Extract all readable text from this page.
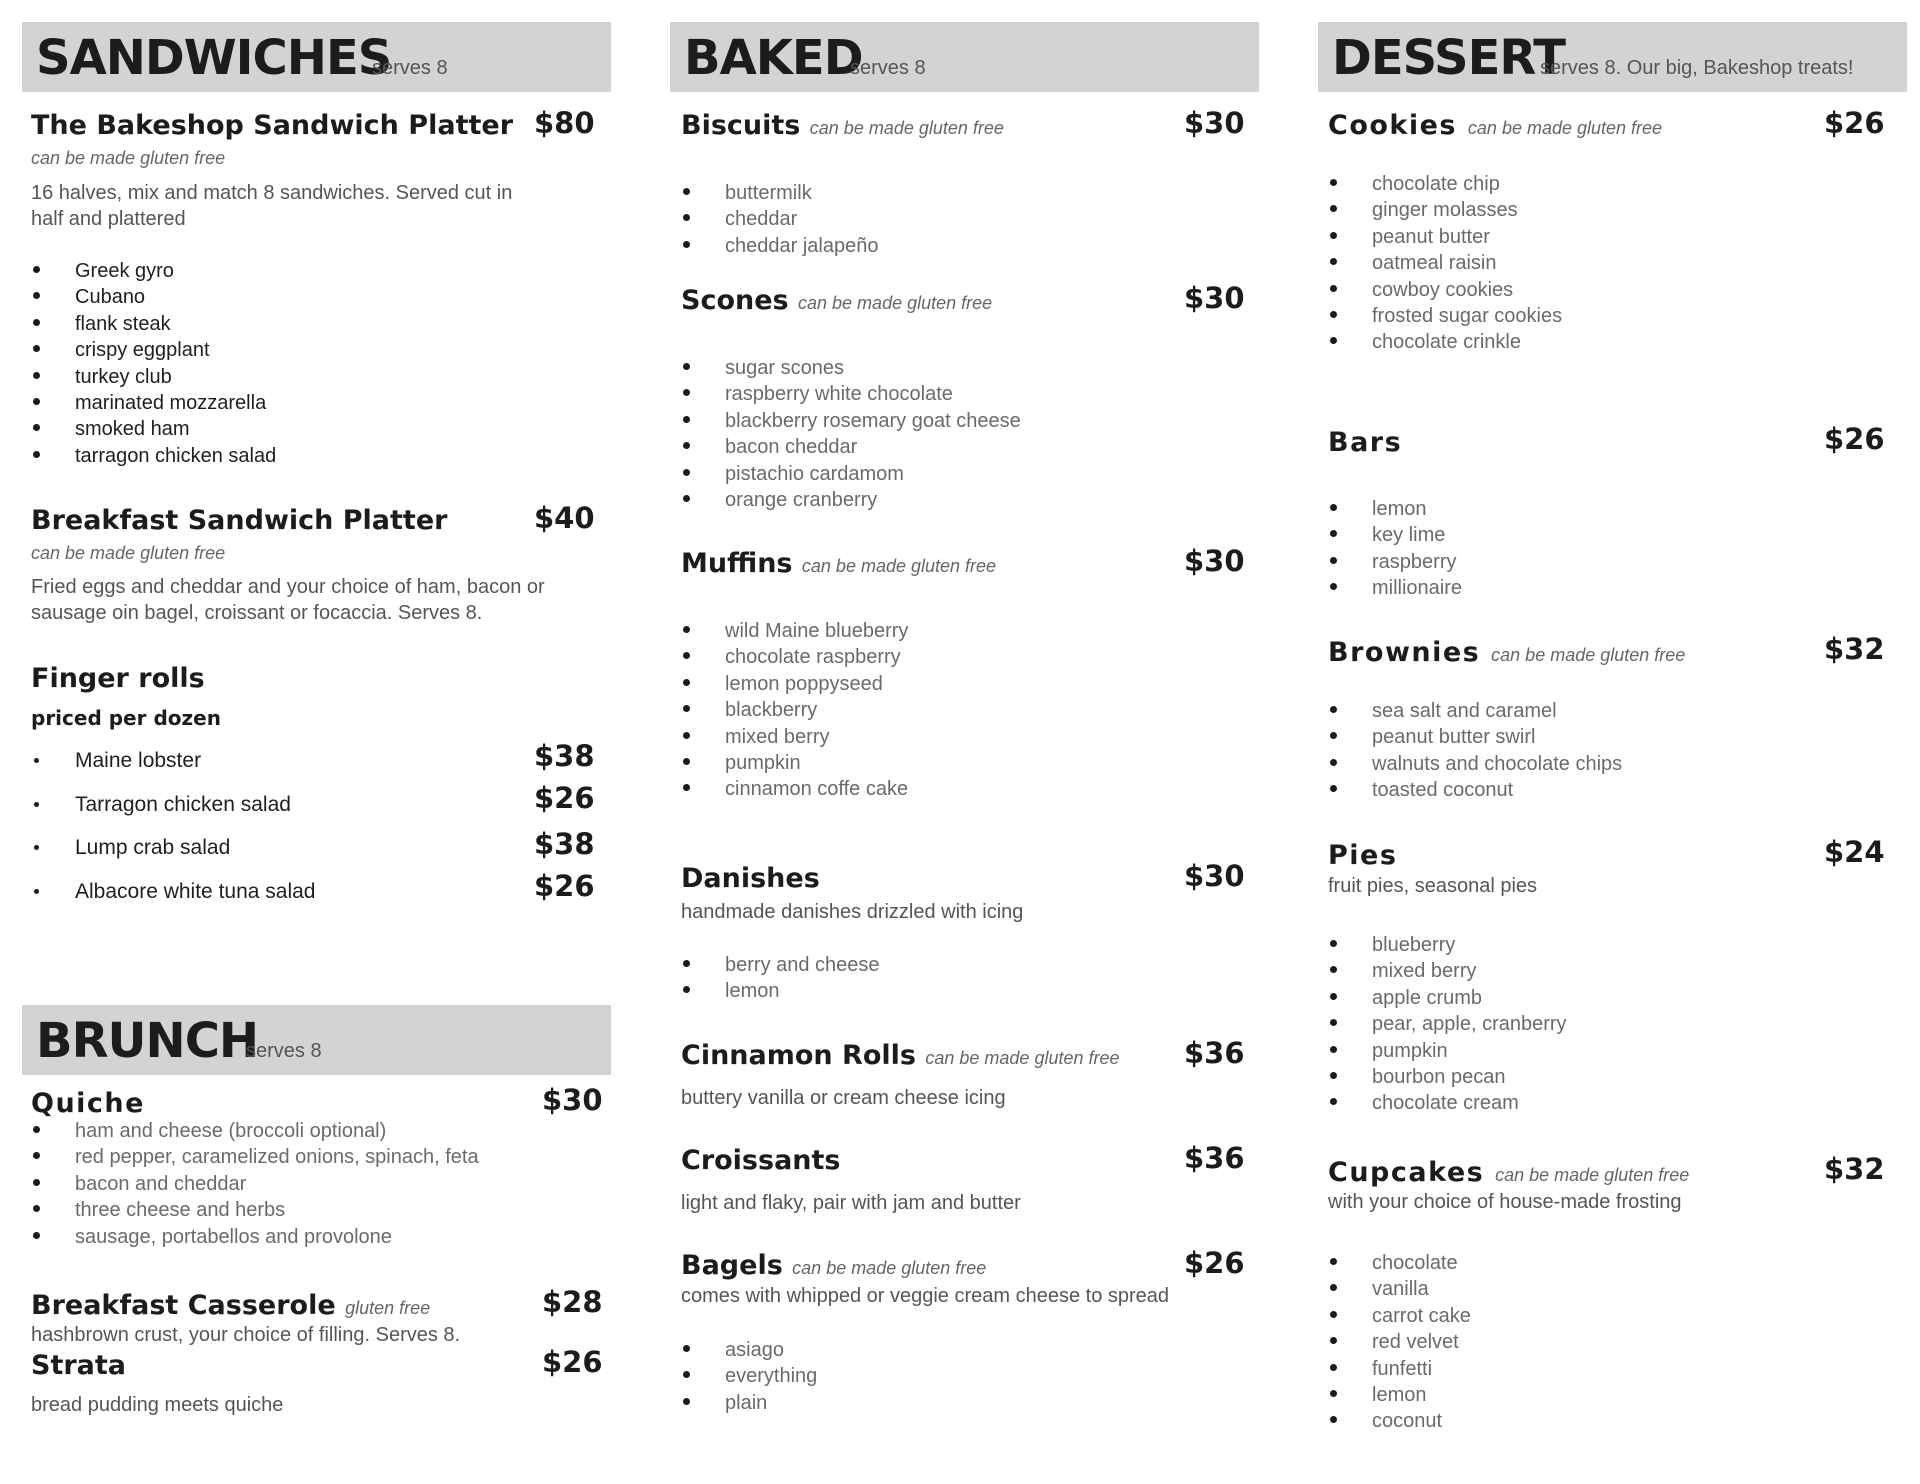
SANDWICHES
serves 8
The Bakeshop Sandwich Platter $80
can be made gluten free
16 halves, mix and match 8 sandwiches. Served cut in half and plattered
Greek gyro
Cubano
flank steak
crispy eggplant
turkey club
marinated mozzarella
smoked ham
tarragon chicken salad
Breakfast Sandwich Platter	$40
can be made gluten free
Fried eggs and cheddar and your choice of ham, bacon or sausage oin bagel, croissant or focaccia. Serves 8.
Finger rolls
priced per dozen
Maine lobster	$38
Tarragon chicken salad	$26
Lump crab salad	$38
Albacore white tuna salad	$26
BRUNCH
serves 8
Quiche	$30
ham and cheese (broccoli optional)
red pepper, caramelized onions, spinach, feta
bacon and cheddar
three cheese and herbs
sausage, portabellos and provolone
Breakfast Casserole gluten free	$28
hashbrown crust, your choice of filling. Serves 8.
Strata	$26
bread pudding meets quiche
BAKED
serves 8
Biscuits can be made gluten free	$30
buttermilk
cheddar
cheddar jalapeño
Scones can be made gluten free	$30
sugar scones
raspberry white chocolate
blackberry rosemary goat cheese
bacon cheddar
pistachio cardamom
orange cranberry
Muffins can be made gluten free	$30
wild Maine blueberry
chocolate raspberry
lemon poppyseed
blackberry
mixed berry
pumpkin
cinnamon coffe cake
Danishes	$30
handmade danishes drizzled with icing
berry and cheese
lemon
Cinnamon Rolls can be made gluten free $36
buttery vanilla or cream cheese icing
Croissants	$36
light and flaky, pair with jam and butter
Bagels can be made gluten free	$26
comes with whipped or veggie cream cheese to spread
asiago
everything
plain
DESSERT
serves 8. Our big, Bakeshop treats!
Cookies can be made gluten free	$26
chocolate chip
ginger molasses
peanut butter
oatmeal raisin
cowboy cookies
frosted sugar cookies
chocolate crinkle
Bars	$26
lemon
key lime
raspberry
millionaire
Brownies can be made gluten free	$32
sea salt and caramel
peanut butter swirl
walnuts and chocolate chips
toasted coconut
Pies	$24
fruit pies, seasonal pies
blueberry
mixed berry
apple crumb
pear, apple, cranberry
pumpkin
bourbon pecan
chocolate cream
Cupcakes can be made gluten free	$32
with your choice of house-made frosting
chocolate
vanilla
carrot cake
red velvet
funfetti
lemon
coconut
